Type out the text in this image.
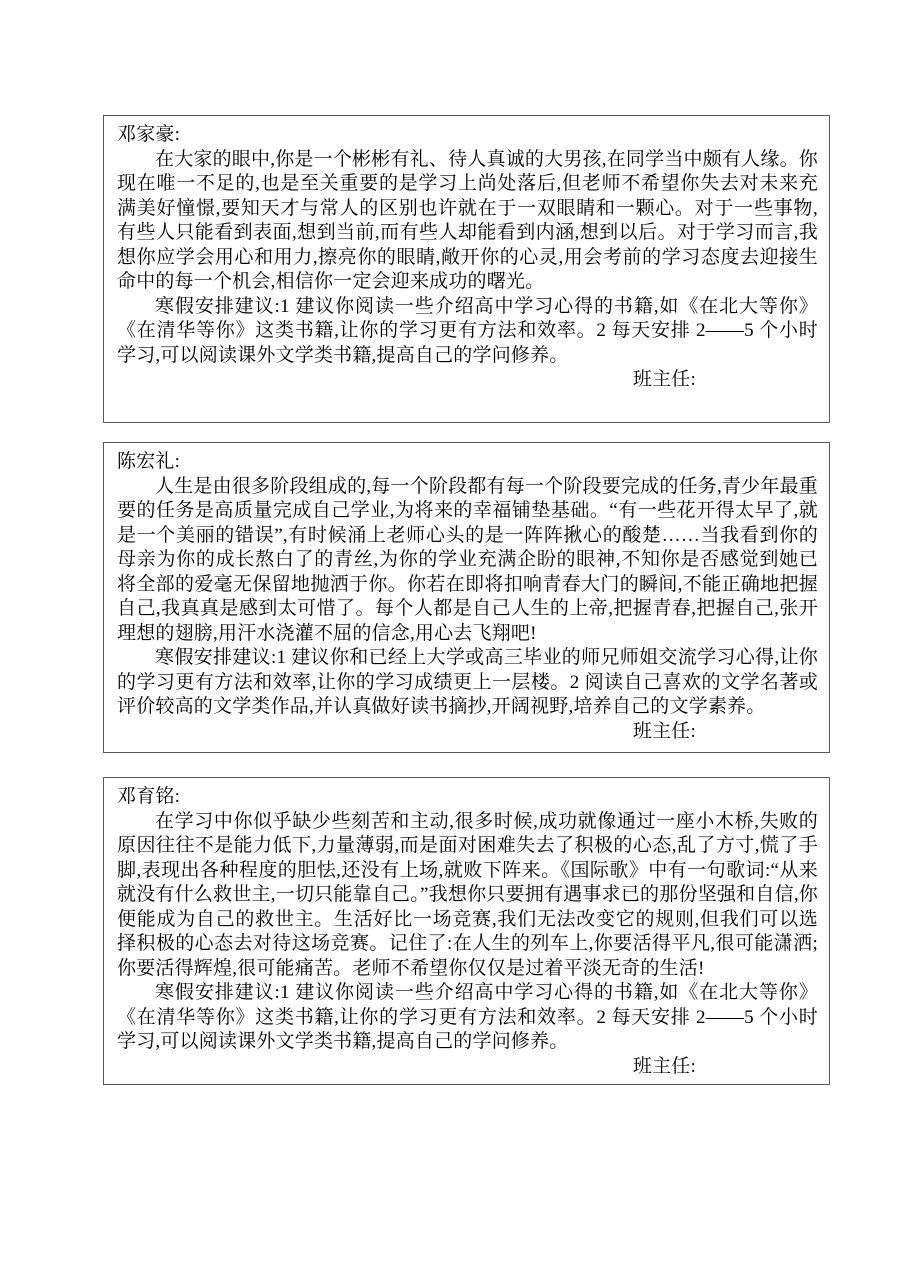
邓家豪:

在大家的眼中,你是一个彬彬有礼、待人真诚的大男孩,在同学当中颇有人缘。你现在唯一不足的,也是至关重要的是学习上尚处落后,但老师不希望你失去对未来充满美好憧憬,要知天才与常人的区别也许就在于一双眼睛和一颗心。对于一些事物,有些人只能看到表面,想到当前,而有些人却能看到内涵,想到以后。对于学习而言,我想你应学会用心和用力,擦亮你的眼睛,敞开你的心灵,用会考前的学习态度去迎接生命中的每一个机会,相信你一定会迎来成功的曙光。

寒假安排建议:1 建议你阅读一些介绍高中学习心得的书籍,如《在北大等你》《在清华等你》这类书籍,让你的学习更有方法和效率。2 每天安排 2——5 个小时学习,可以阅读课外文学类书籍,提高自己的学问修养。

班主任:
陈宏礼:

人生是由很多阶段组成的,每一个阶段都有每一个阶段要完成的任务,青少年最重要的任务是高质量完成自己学业,为将来的幸福铺垫基础。“有一些花开得太早了,就是一个美丽的错误”,有时候涌上老师心头的是一阵阵揪心的酸楚……当我看到你的母亲为你的成长熬白了的青丝,为你的学业充满企盼的眼神,不知你是否感觉到她已将全部的爱毫无保留地抛洒于你。你若在即将扣响青春大门的瞬间,不能正确地把握自己,我真真是感到太可惜了。每个人都是自己人生的上帝,把握青春,把握自己,张开理想的翅膀,用汗水浇灌不屈的信念,用心去飞翔吧!

寒假安排建议:1 建议你和已经上大学或高三毕业的师兄师姐交流学习心得,让你的学习更有方法和效率,让你的学习成绩更上一层楼。2 阅读自己喜欢的文学名著或评价较高的文学类作品,并认真做好读书摘抄,开阔视野,培养自己的文学素养。

班主任:
邓育铭:

在学习中你似乎缺少些刻苦和主动,很多时候,成功就像通过一座小木桥,失败的原因往往不是能力低下,力量薄弱,而是面对困难失去了积极的心态,乱了方寸,慌了手脚,表现出各种程度的胆怯,还没有上场,就败下阵来。《国际歌》中有一句歌词:“从来就没有什么救世主,一切只能靠自己。”我想你只要拥有遇事求已的那份坚强和自信,你便能成为自己的救世主。生活好比一场竞赛,我们无法改变它的规则,但我们可以选择积极的心态去对待这场竞赛。记住了:在人生的列车上,你要活得平凡,很可能潇洒;你要活得辉煌,很可能痛苦。老师不希望你仅仅是过着平淡无奇的生活!

寒假安排建议:1 建议你阅读一些介绍高中学习心得的书籍,如《在北大等你》《在清华等你》这类书籍,让你的学习更有方法和效率。2 每天安排 2——5 个小时学习,可以阅读课外文学类书籍,提高自己的学问修养。

班主任:
